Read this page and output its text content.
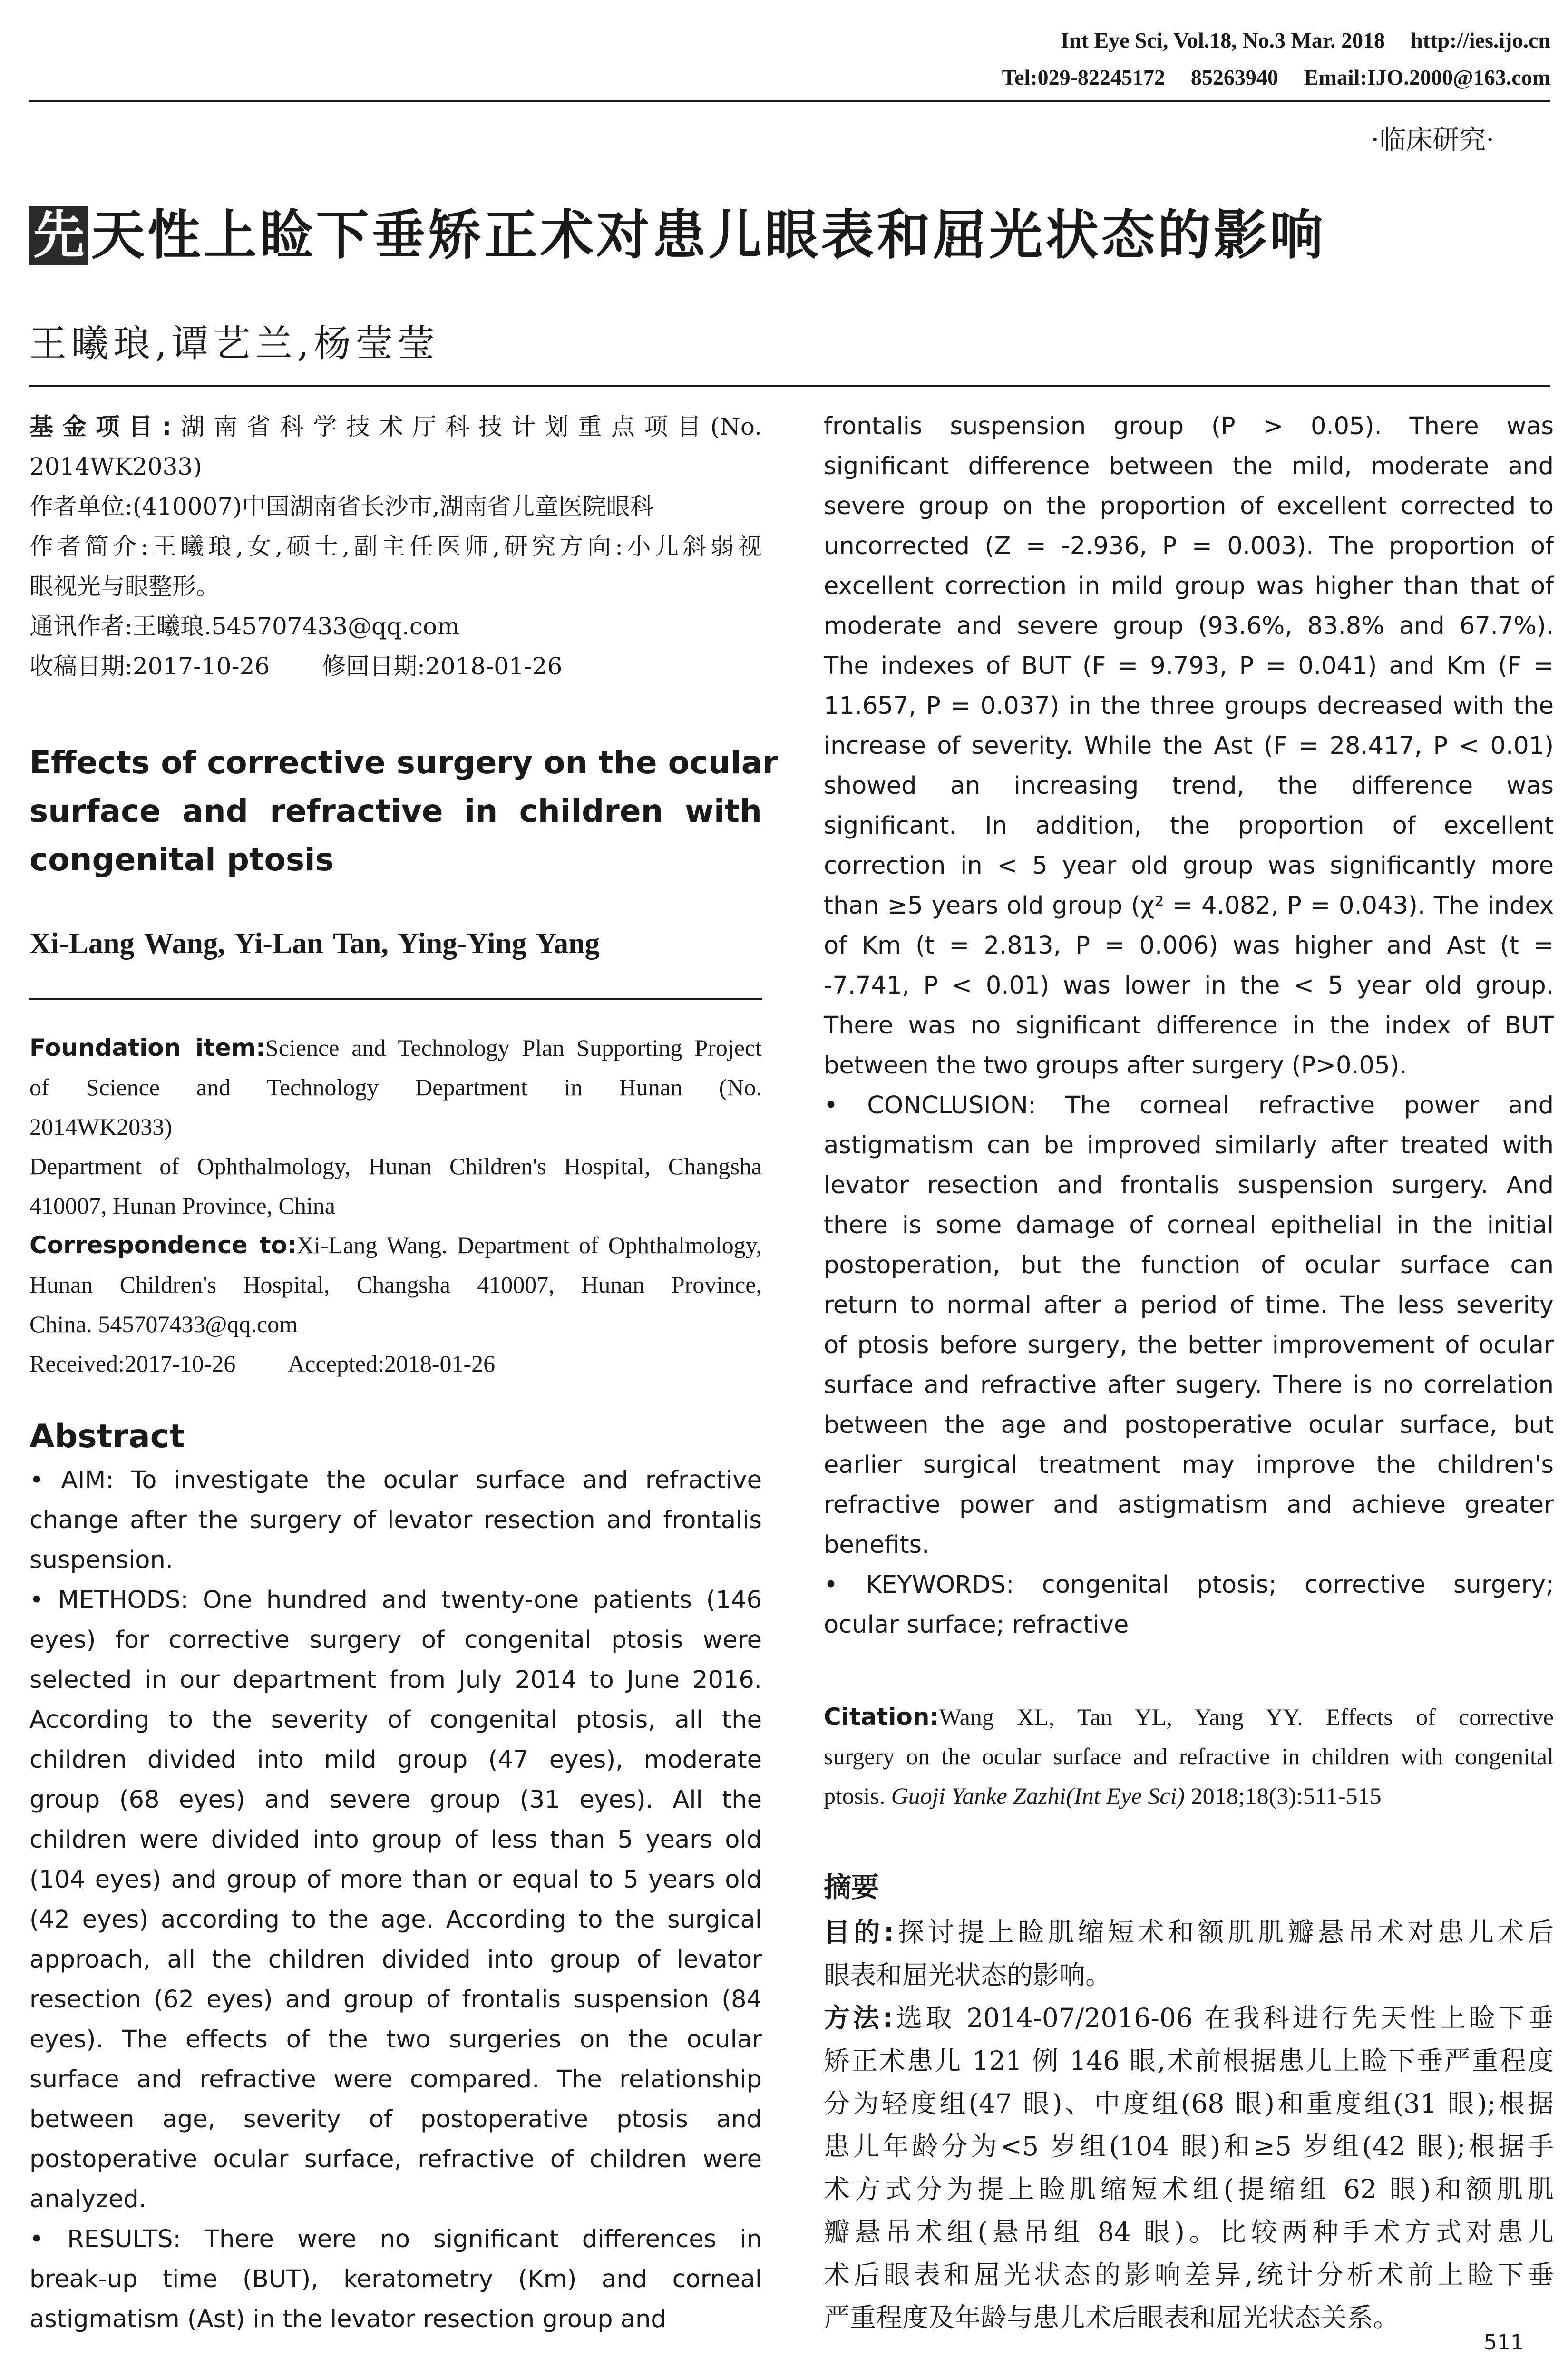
Int Eye Sci, Vol.18, No.3 Mar. 2018 http://ies.ijo.cn
Tel:029-82245172 85263940 Email:IJO.2000@163.com
·临床研究·
先 天性上睑下垂矫正术对患儿眼表和屈光状态的影响
王曦琅,谭艺兰,杨莹莹
基金项目:湖南省科学技术厅科技计划重点项目(No.
2014WK2033)
作者单位:(410007)中国湖南省长沙市,湖南省儿童医院眼科
作者简介:王曦琅,女,硕士,副主任医师,研究方向:小儿斜弱视
眼视光与眼整形。
通讯作者:王曦琅.545707433@qq.com
收稿日期:2017-10-26 修回日期:2018-01-26
Effects of corrective surgery on the ocular
surface and refractive in children with
congenital ptosis
Xi-Lang Wang, Yi-Lan Tan, Ying-Ying Yang
Foundation item:Science and Technology Plan Supporting Project
of Science and Technology Department in Hunan (No.
2014WK2033)
Department of Ophthalmology, Hunan Children's Hospital, Changsha
410007, Hunan Province, China
Correspondence to:Xi-Lang Wang. Department of Ophthalmology,
Hunan Children's Hospital, Changsha 410007, Hunan Province,
China. 545707433@qq.com
Received:2017-10-26 Accepted:2018-01-26
Abstract
• AIM: To investigate the ocular surface and refractive
change after the surgery of levator resection and frontalis
suspension.
• METHODS: One hundred and twenty-one patients (146
eyes) for corrective surgery of congenital ptosis were
selected in our department from July 2014 to June 2016.
According to the severity of congenital ptosis, all the
children divided into mild group (47 eyes), moderate
group (68 eyes) and severe group (31 eyes). All the
children were divided into group of less than 5 years old
(104 eyes) and group of more than or equal to 5 years old
(42 eyes) according to the age. According to the surgical
approach, all the children divided into group of levator
resection (62 eyes) and group of frontalis suspension (84
eyes). The effects of the two surgeries on the ocular
surface and refractive were compared. The relationship
between age, severity of postoperative ptosis and
postoperative ocular surface, refractive of children were
analyzed.
• RESULTS: There were no significant differences in
break-up time (BUT), keratometry (Km) and corneal
astigmatism (Ast) in the levator resection group and
frontalis suspension group (P > 0.05). There was
significant difference between the mild, moderate and
severe group on the proportion of excellent corrected to
uncorrected (Z = -2.936, P = 0.003). The proportion of
excellent correction in mild group was higher than that of
moderate and severe group (93.6%, 83.8% and 67.7%).
The indexes of BUT (F = 9.793, P = 0.041) and Km (F =
11.657, P = 0.037) in the three groups decreased with the
increase of severity. While the Ast (F = 28.417, P < 0.01)
showed an increasing trend, the difference was
significant. In addition, the proportion of excellent
correction in < 5 year old group was significantly more
than ≥5 years old group (χ² = 4.082, P = 0.043). The index
of Km (t = 2.813, P = 0.006) was higher and Ast (t =
-7.741, P < 0.01) was lower in the < 5 year old group.
There was no significant difference in the index of BUT
between the two groups after surgery (P>0.05).
• CONCLUSION: The corneal refractive power and
astigmatism can be improved similarly after treated with
levator resection and frontalis suspension surgery. And
there is some damage of corneal epithelial in the initial
postoperation, but the function of ocular surface can
return to normal after a period of time. The less severity
of ptosis before surgery, the better improvement of ocular
surface and refractive after sugery. There is no correlation
between the age and postoperative ocular surface, but
earlier surgical treatment may improve the children's
refractive power and astigmatism and achieve greater
benefits.
• KEYWORDS: congenital ptosis; corrective surgery;
ocular surface; refractive
Citation:Wang XL, Tan YL, Yang YY. Effects of corrective
surgery on the ocular surface and refractive in children with congenital
ptosis. Guoji Yanke Zazhi(Int Eye Sci) 2018;18(3):511-515
摘要
目的:探讨提上睑肌缩短术和额肌肌瓣悬吊术对患儿术后
眼表和屈光状态的影响。
方法:选取 2014-07/2016-06 在我科进行先天性上睑下垂
矫正术患儿 121 例 146 眼,术前根据患儿上睑下垂严重程度
分为轻度组(47 眼)、中度组(68 眼)和重度组(31 眼);根据
患儿年龄分为<5 岁组(104 眼)和≥5 岁组(42 眼);根据手
术方式分为提上睑肌缩短术组(提缩组 62 眼)和额肌肌
瓣悬吊术组(悬吊组 84 眼)。比较两种手术方式对患儿
术后眼表和屈光状态的影响差异,统计分析术前上睑下垂
严重程度及年龄与患儿术后眼表和屈光状态关系。
511
